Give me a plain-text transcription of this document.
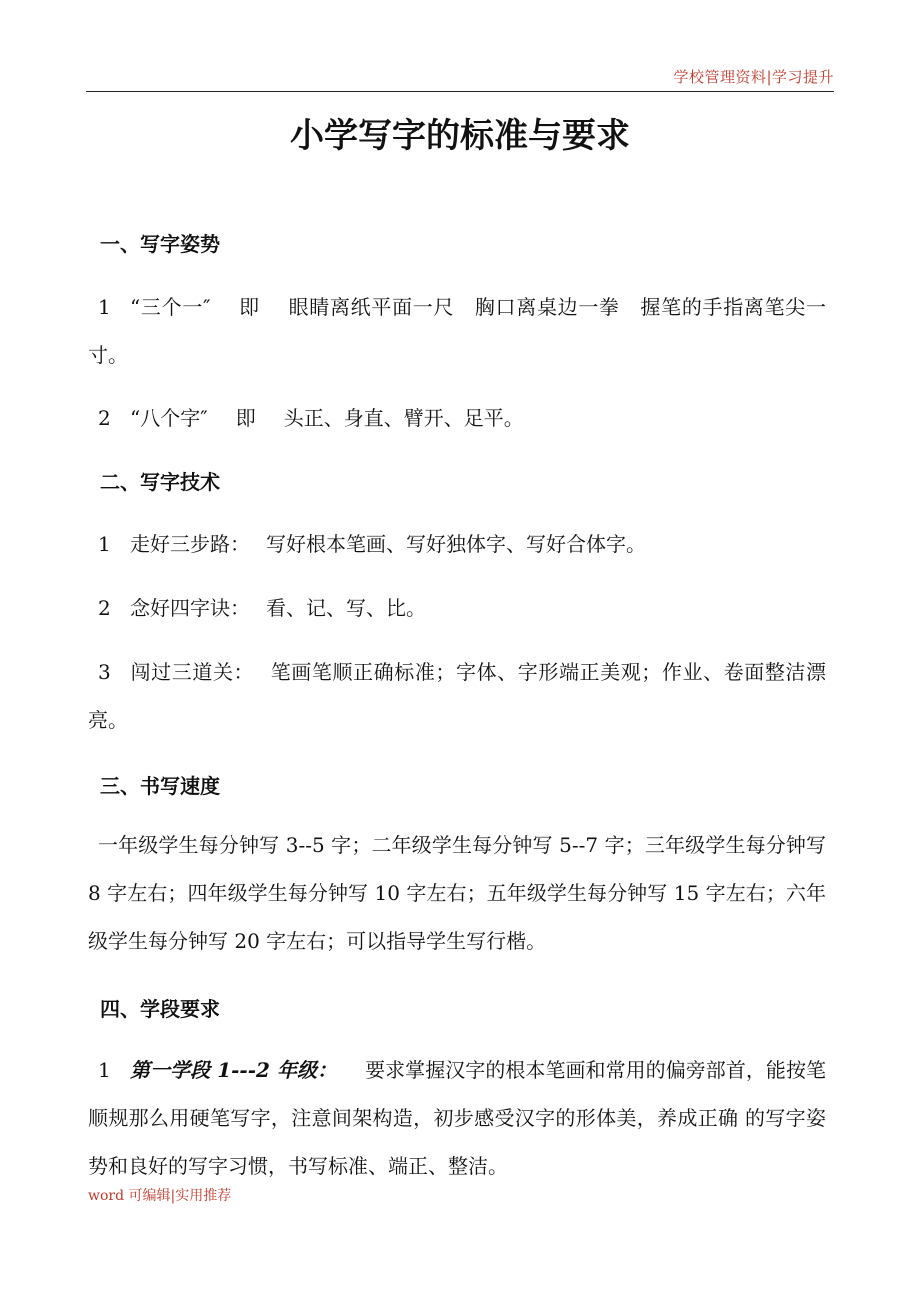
学校管理资料|学习提升
小学写字的标准与要求
一、写字姿势
1 “三个一″ 即 眼睛离纸平面一尺　胸口离桌边一拳　握笔的手指离笔尖一寸。
2 “八个字″ 即 头正、身直、臂开、足平。
二、写字技术
1 走好三步路： 写好根本笔画、写好独体字、写好合体字。
2 念好四字诀： 看、记、写、比。
3 闯过三道关： 笔画笔顺正确标准；字体、字形端正美观；作业、卷面整洁漂亮。
三、书写速度
一年级学生每分钟写 3--5 字；二年级学生每分钟写 5--7 字；三年级学生每分钟写 8 字左右；四年级学生每分钟写 10 字左右；五年级学生每分钟写 15 字左右；六年级学生每分钟写 20 字左右；可以指导学生写行楷。
四、学段要求
1 第一学段 1---2 年级： 要求掌握汉字的根本笔画和常用的偏旁部首，能按笔顺规那么用硬笔写字，注意间架构造，初步感受汉字的形体美，养成正确 的写字姿势和良好的写字习惯，书写标准、端正、整洁。
word 可编辑|实用推荐
